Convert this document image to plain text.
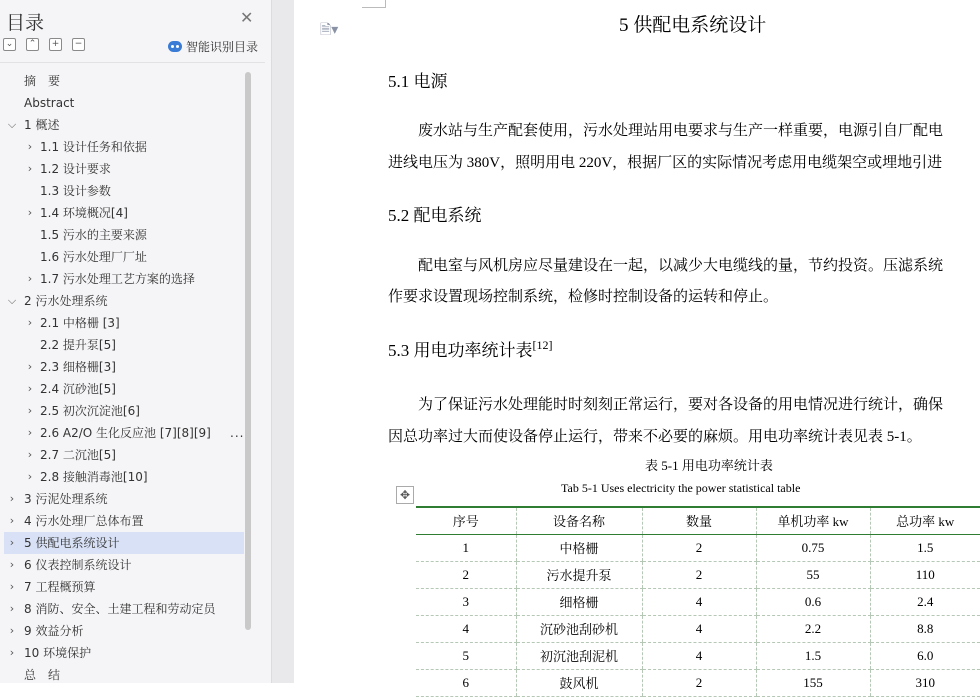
目录	✕
⌄	⌃	+	−	智能识别目录
摘　要
Abstract
⌵ 1 概述
› 1.1 设计任务和依据
› 1.2 设计要求
1.3 设计参数
› 1.4 环境概况[4]
1.5 污水的主要来源
1.6 污水处理厂厂址
› 1.7 污水处理工艺方案的选择
⌵ 2 污水处理系统
› 2.1 中格栅 [3]
2.2 提升泵[5]
› 2.3 细格栅[3]
› 2.4 沉砂池[5]
› 2.5 初次沉淀池[6]
› 2.6 A2/O 生化反应池 [7][8][9] ...
› 2.7 二沉池[5]
› 2.8 接触消毒池[10]
› 3 污泥处理系统
› 4 污水处理厂总体布置
› 5 供配电系统设计
› 6 仪表控制系统设计
› 7 工程概预算
› 8 消防、安全、土建工程和劳动定员
› 9 效益分析
› 10 环境保护
总　结
🗎▾	5 供配电系统设计
5.1 电源
废水站与生产配套使用，污水处理站用电要求与生产一样重要，电源引自厂配电
进线电压为 380V，照明用电 220V，根据厂区的实际情况考虑用电缆架空或埋地引进
5.2 配电系统
配电室与风机房应尽量建设在一起，以减少大电缆线的量，节约投资。压滤系统
作要求设置现场控制系统，检修时控制设备的运转和停止。
5.3 用电功率统计表[12]
为了保证污水处理能时时刻刻正常运行，要对各设备的用电情况进行统计，确保
因总功率过大而使设备停止运行，带来不必要的麻烦。用电功率统计表见表 5-1。
表 5-1 用电功率统计表
Tab 5-1 Uses electricity the power statistical table
✥
序号	设备名称	数量	单机功率 kw	总功率 kw
1	中格栅	2	0.75	1.5
2	污水提升泵	2	55	110
3	细格栅	4	0.6	2.4
4	沉砂池刮砂机	4	2.2	8.8
5	初沉池刮泥机	4	1.5	6.0
6	鼓风机	2	155	310
